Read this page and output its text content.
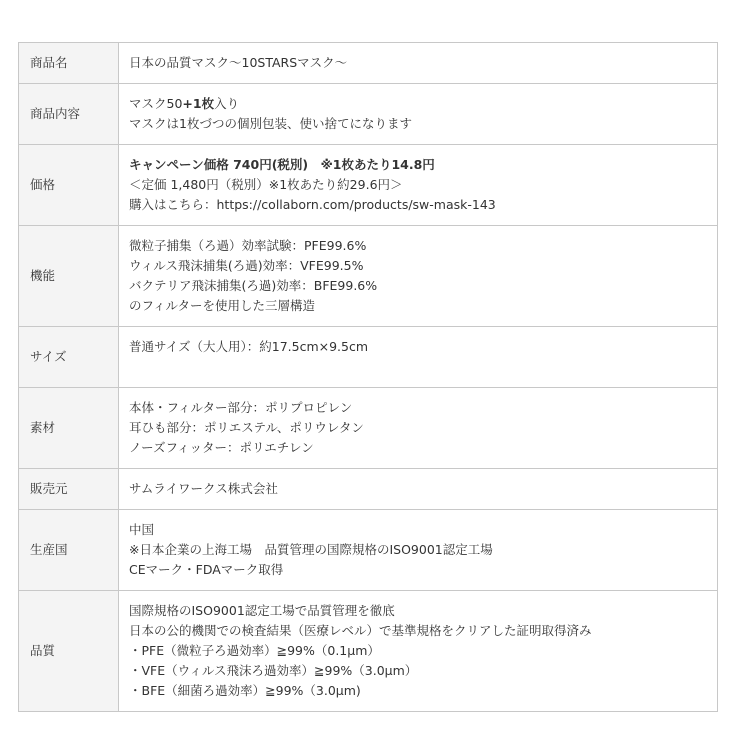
商品名	日本の品質マスク〜10STARSマスク〜

商品内容	マスク50+1枚入り
マスクは1枚づつの個別包装、使い捨てになります

価格	キャンペーン価格 740円(税別)　※1枚あたり14.8円
＜定価 1,480円（税別）※1枚あたり約29.6円＞
購入はこちら：https://collaborn.com/products/sw-mask-143

機能	微粒子捕集（ろ過）効率試験：PFE99.6%
ウィルス飛沫捕集(ろ過)効率：VFE99.5%
バクテリア飛沫捕集(ろ過)効率：BFE99.6%
のフィルターを使用した三層構造

サイズ	普通サイズ（大人用）：約17.5cm×9.5cm

素材	本体・フィルター部分：ポリプロピレン
耳ひも部分：ポリエステル、ポリウレタン
ノーズフィッター：ポリエチレン

販売元	サムライワークス株式会社

生産国	中国
※日本企業の上海工場　品質管理の国際規格のISO9001認定工場
CEマーク・FDAマーク取得

品質	国際規格のISO9001認定工場で品質管理を徹底
日本の公的機関での検査結果（医療レベル）で基準規格をクリアした証明取得済み
・PFE（微粒子ろ過効率）≧99%（0.1μm）
・VFE（ウィルス飛沫ろ過効率）≧99%（3.0μm）
・BFE（細菌ろ過効率）≧99%（3.0μm)
